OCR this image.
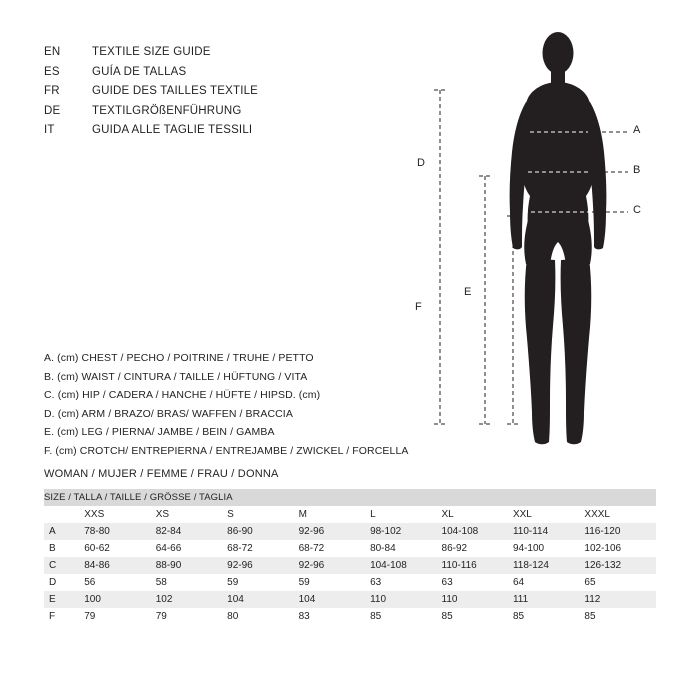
EN	TEXTILE SIZE GUIDE
ES	GUÍA DE TALLAS
FR	GUIDE DES TAILLES TEXTILE
DE	TEXTILGRÖßENFÜHRUNG
IT	GUIDA ALLE TAGLIE TESSILI
A. (cm) CHEST / PECHO / POITRINE / TRUHE / PETTO
B. (cm) WAIST / CINTURA / TAILLE / HÜFTUNG / VITA
C. (cm) HIP / CADERA / HANCHE / HÜFTE / HIPSD. (cm)
D. (cm) ARM / BRAZO/ BRAS/ WAFFEN / BRACCIA
E. (cm) LEG / PIERNA/ JAMBE / BEIN / GAMBA
F. (cm) CROTCH/ ENTREPIERNA / ENTREJAMBE / ZWICKEL / FORCELLA
WOMAN / MUJER / FEMME / FRAU / DONNA
A
B
C
D
F
E
SIZE / TALLA / TAILLE / GRÖSSE / TAGLIA								
	XXS	XS	S	M	L	XL	XXL	XXXL
A	78-80	82-84	86-90	92-96	98-102	104-108	110-114	116-120
B	60-62	64-66	68-72	68-72	80-84	86-92	94-100	102-106
C	84-86	88-90	92-96	92-96	104-108	110-116	118-124	126-132
D	56	58	59	59	63	63	64	65
E	100	102	104	104	110	110	111	112
F	79	79	80	83	85	85	85	85
